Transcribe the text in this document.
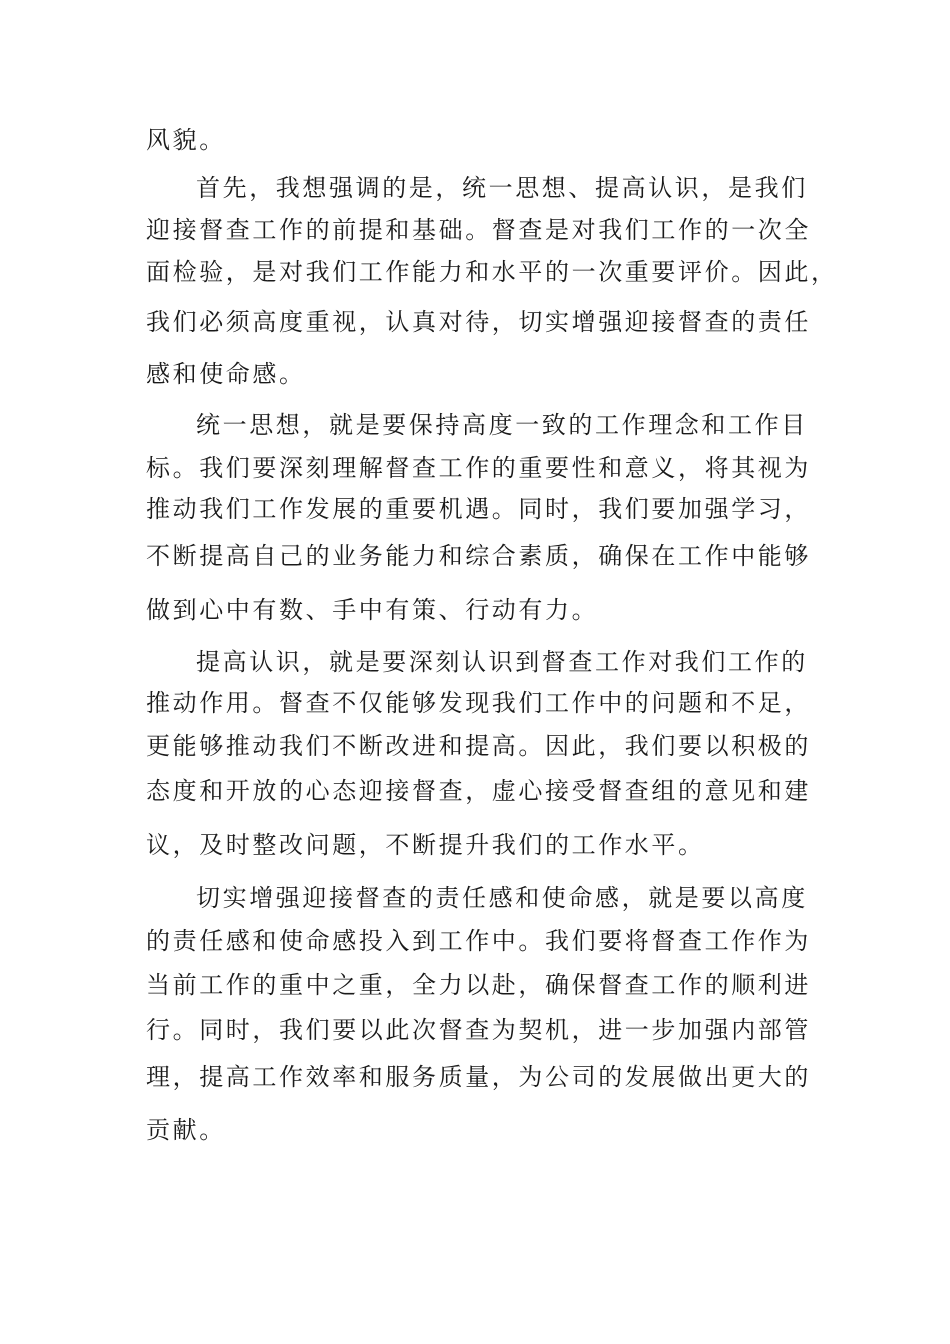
风貌。
首先，我想强调的是，统一思想、提高认识，是我们
迎接督查工作的前提和基础。督查是对我们工作的一次全
面检验，是对我们工作能力和水平的一次重要评价。因此，
我们必须高度重视，认真对待，切实增强迎接督查的责任
感和使命感。
统一思想，就是要保持高度一致的工作理念和工作目
标。我们要深刻理解督查工作的重要性和意义，将其视为
推动我们工作发展的重要机遇。同时，我们要加强学习，
不断提高自己的业务能力和综合素质，确保在工作中能够
做到心中有数、手中有策、行动有力。
提高认识，就是要深刻认识到督查工作对我们工作的
推动作用。督查不仅能够发现我们工作中的问题和不足，
更能够推动我们不断改进和提高。因此，我们要以积极的
态度和开放的心态迎接督查，虚心接受督查组的意见和建
议，及时整改问题，不断提升我们的工作水平。
切实增强迎接督查的责任感和使命感，就是要以高度
的责任感和使命感投入到工作中。我们要将督查工作作为
当前工作的重中之重，全力以赴，确保督查工作的顺利进
行。同时，我们要以此次督查为契机，进一步加强内部管
理，提高工作效率和服务质量，为公司的发展做出更大的
贡献。
